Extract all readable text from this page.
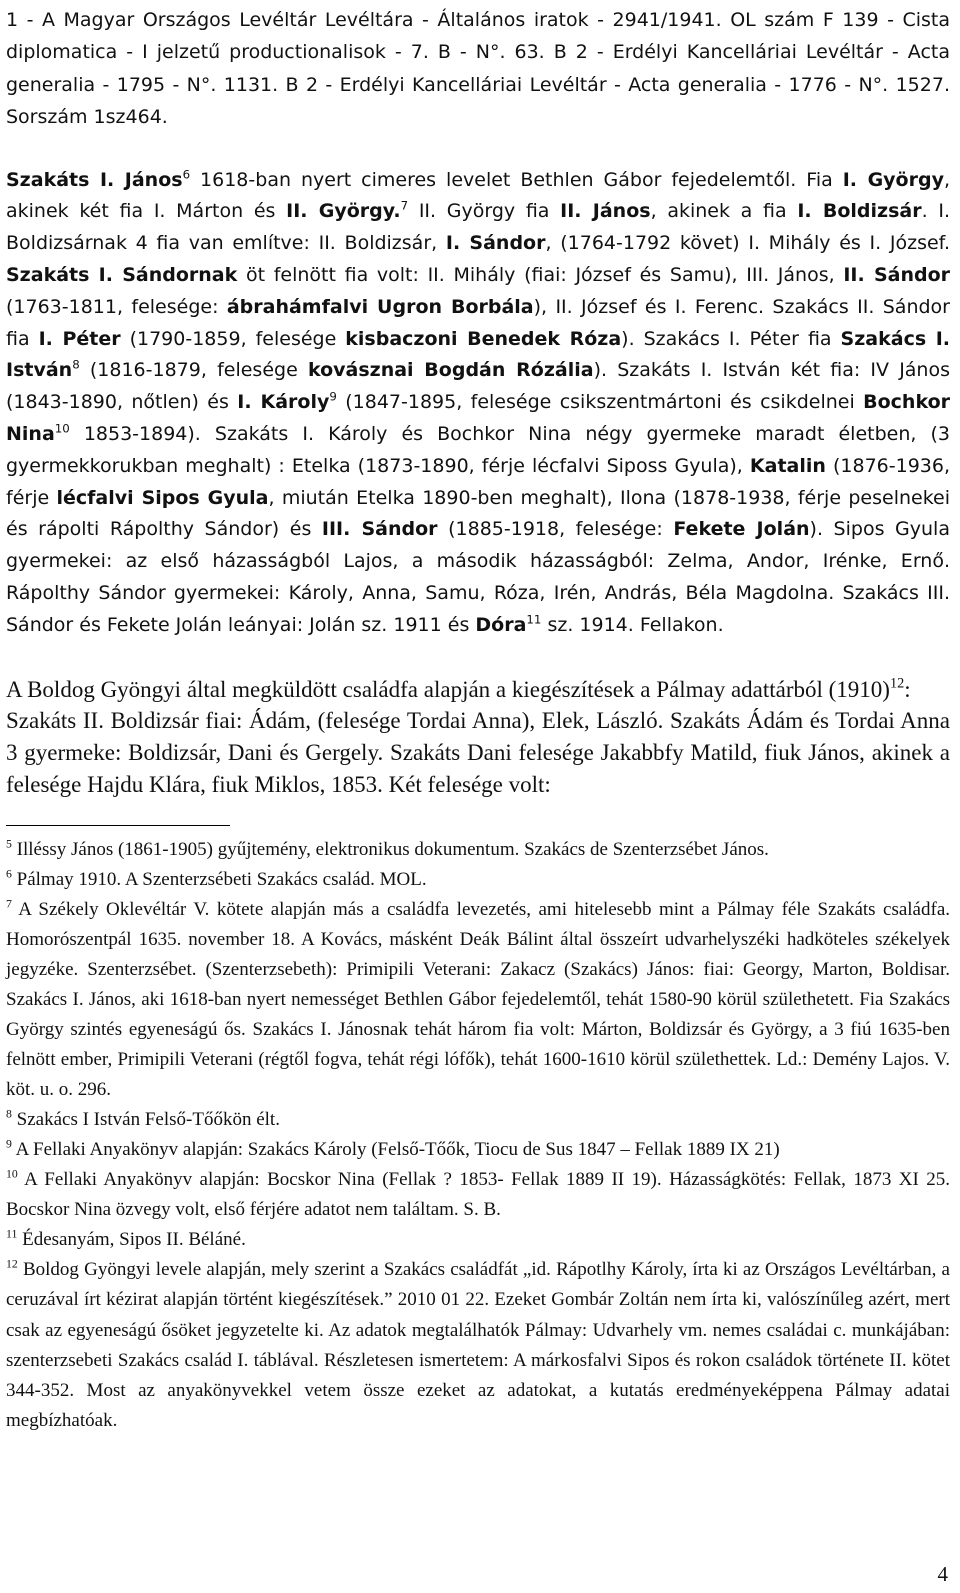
1 - A Magyar Országos Levéltár Levéltára - Általános iratok - 2941/1941. OL szám F 139 - Cista diplomatica - I jelzetű productionalisok - 7. B - N°. 63. B 2 - Erdélyi Kancelláriai Levéltár - Acta generalia - 1795 - N°. 1131. B 2 - Erdélyi Kancelláriai Levéltár - Acta generalia - 1776 - N°. 1527. Sorszám 1sz464.

Szakáts I. János$^6$ 1618-ban nyert cimeres levelet Bethlen Gábor fejedelemtől. Fia I. György, akinek két fia I. Márton és II. György.$^7$ II. György fia II. János, akinek a fia I. Boldizsár. I. Boldizsárnak 4 fia van említve: II. Boldizsár, I. Sándor, (1764-1792 követ) I. Mihály és I. József. Szakáts I. Sándornak öt felnött fia volt: II. Mihály (fiai: József és Samu), III. János, II. Sándor (1763-1811, felesége: ábrahámfalvi Ugron Borbála), II. József és I. Ferenc. Szakács II. Sándor fia I. Péter (1790-1859, felesége kisbaczoni Benedek Róza). Szakács I. Péter fia Szakács I. István$^8$ (1816-1879, felesége kovásznai Bogdán Rózália). Szakáts I. István két fia: IV János (1843-1890, nőtlen) és I. Károly$^9$ (1847-1895, felesége csikszentmártoni és csikdelnei Bochkor Nina$^{10}$ 1853-1894). Szakáts I. Károly és Bochkor Nina négy gyermeke maradt életben, (3 gyermekkorukban meghalt) : Etelka (1873-1890, férje lécfalvi Siposs Gyula), Katalin (1876-1936, férje lécfalvi Sipos Gyula, miután Etelka 1890-ben meghalt), Ilona (1878-1938, férje peselnekei és rápolti Rápolthy Sándor) és III. Sándor (1885-1918, felesége: Fekete Jolán). Sipos Gyula gyermekei: az első házasságból Lajos, a második házasságból: Zelma, Andor, Irénke, Ernő. Rápolthy Sándor gyermekei: Károly, Anna, Samu, Róza, Irén, András, Béla Magdolna. Szakács III. Sándor és Fekete Jolán leányai: Jolán sz. 1911 és Dóra$^{11}$ sz. 1914. Fellakon.

A Boldog Gyöngyi által megküldött családfa alapján a kiegészítések a Pálmay adattárból $(1910)^{12}$:

Szakáts II. Boldizsár fiai: Ádám, (felesége Tordai Anna), Elek, László. Szakáts Ádám és Tordai Anna 3 gyermeke: Boldizsár, Dani és Gergely. Szakáts Dani felesége Jakabbfy Matild, fiuk János, akinek a felesége Hajdu Klára, fiuk Miklos, 1853. Két felesége volt:

$^5$ Illéssy János (1861-1905) gyűjtemény, elektronikus dokumentum. Szakács de Szenterzsébet János.

$^6$ Pálmay 1910. A Szenterzsébeti Szakács család. MOL.

$^7$ A Székely Oklevéltár V. kötete alapján más a családfa levezetés, ami hitelesebb mint a Pálmay féle Szakáts családfa. Homorószentpál 1635. november 18. A Kovács, másként Deák Bálint által összeírt udvarhelyszéki hadköteles székelyek jegyzéke. Szenterzsébet. (Szenterzsebeth): Primipili Veterani: Zakacz (Szakács) János: fiai: Georgy, Marton, Boldisar. Szakács I. János, aki 1618-ban nyert nemességet Bethlen Gábor fejedelemtől, tehát 1580-90 körül születhetett. Fia Szakács György szintés egyeneságú ős. Szakács I. Jánosnak tehát három fia volt: Márton, Boldizsár és György, a 3 fiú 1635-ben felnött ember, Primipili Veterani (régtől fogva, tehát régi lófők), tehát 1600-1610 körül születhettek. Ld.: Demény Lajos. V. köt. u. o. 296.

$^8$ Szakács I István Felső-Tőőkön élt.

$^9$ A Fellaki Anyakönyv alapján: Szakács Károly (Felső-Tőők, Tiocu de Sus 1847 – Fellak 1889 IX 21)

$^{10}$ A Fellaki Anyakönyv alapján: Bocskor Nina (Fellak ? 1853- Fellak 1889 II 19). Házasságkötés: Fellak, 1873 XI 25. Bocskor Nina özvegy volt, első férjére adatot nem találtam. S. B.

$^{11}$ Édesanyám, Sipos II. Béláné.

$^{12}$ Boldog Gyöngyi levele alapján, mely szerint a Szakács családfát „id. Rápotlhy Károly, írta ki az Országos Levéltárban, a ceruzával írt kézirat alapján történt kiegészítések.” 2010 01 22. Ezeket Gombár Zoltán nem írta ki, valószínűleg azért, mert csak az egyeneságú ősöket jegyzetelte ki. Az adatok megtalálhatók Pálmay: Udvarhely vm. nemes családai c. munkájában: szenterzsebeti Szakács család I. táblával. Részletesen ismertetem: A márkosfalvi Sipos és rokon családok története II. kötet 344-352. Most az anyakönyvekkel vetem össze ezeket az adatokat, a kutatás eredményeképpena Pálmay adatai megbízhatóak.

4
